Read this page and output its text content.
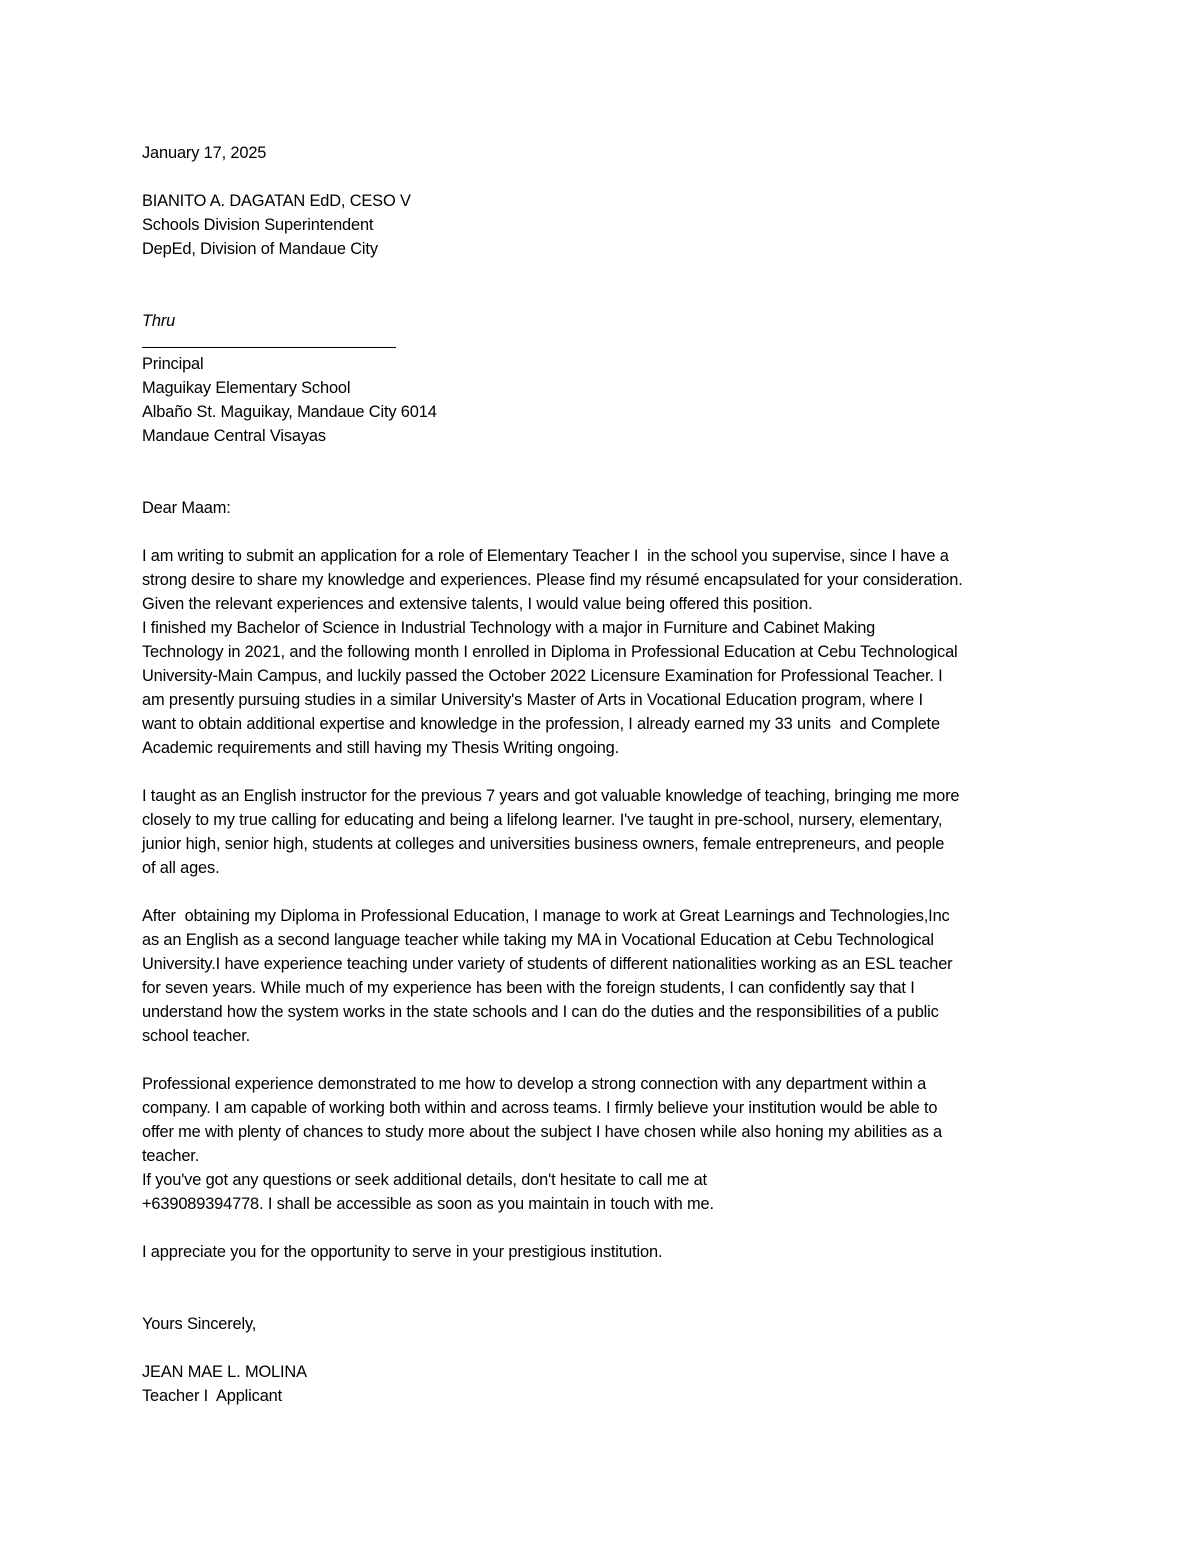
January 17, 2025
BIANITO A. DAGATAN EdD, CESO V
Schools Division Superintendent
DepEd, Division of Mandaue City
Thru
Principal
Maguikay Elementary School
Albaño St. Maguikay, Mandaue City 6014
Mandaue Central Visayas
Dear Maam:
I am writing to submit an application for a role of Elementary Teacher I  in the school you supervise, since I have a
strong desire to share my knowledge and experiences. Please find my résumé encapsulated for your consideration.
Given the relevant experiences and extensive talents, I would value being offered this position.
I finished my Bachelor of Science in Industrial Technology with a major in Furniture and Cabinet Making
Technology in 2021, and the following month I enrolled in Diploma in Professional Education at Cebu Technological
University-Main Campus, and luckily passed the October 2022 Licensure Examination for Professional Teacher. I
am presently pursuing studies in a similar University's Master of Arts in Vocational Education program, where I
want to obtain additional expertise and knowledge in the profession, I already earned my 33 units  and Complete
Academic requirements and still having my Thesis Writing ongoing.
I taught as an English instructor for the previous 7 years and got valuable knowledge of teaching, bringing me more
closely to my true calling for educating and being a lifelong learner. I've taught in pre-school, nursery, elementary,
junior high, senior high, students at colleges and universities business owners, female entrepreneurs, and people
of all ages.
After  obtaining my Diploma in Professional Education, I manage to work at Great Learnings and Technologies,Inc
as an English as a second language teacher while taking my MA in Vocational Education at Cebu Technological
University.I have experience teaching under variety of students of different nationalities working as an ESL teacher
for seven years. While much of my experience has been with the foreign students, I can confidently say that I
understand how the system works in the state schools and I can do the duties and the responsibilities of a public
school teacher.
Professional experience demonstrated to me how to develop a strong connection with any department within a
company. I am capable of working both within and across teams. I firmly believe your institution would be able to
offer me with plenty of chances to study more about the subject I have chosen while also honing my abilities as a
teacher.
If you've got any questions or seek additional details, don't hesitate to call me at
+639089394778. I shall be accessible as soon as you maintain in touch with me.
I appreciate you for the opportunity to serve in your prestigious institution.
Yours Sincerely,
JEAN MAE L. MOLINA
Teacher I  Applicant
